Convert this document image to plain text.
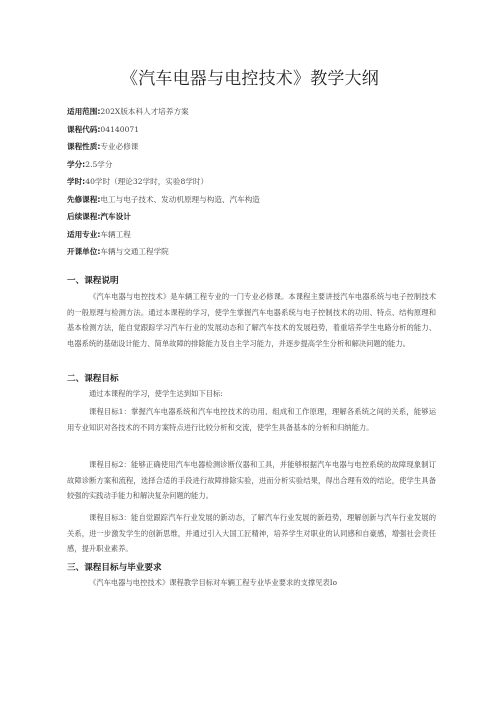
《汽车电器与电控技术》教学大纲
适用范围:202X版本科人才培养方案
课程代码:04140071
课程性质:专业必修课
学分:2.5学分
学时:40学时（理论32学时，实验8学时）
先修课程:电工与电子技术、发动机原理与构造、汽车构造
后续课程:汽车设计
适用专业:车辆工程
开课单位:车辆与交通工程学院
一、课程说明

《汽车电器与电控技术》是车辆工程专业的一门专业必修课。本课程主要讲授汽车电器系统与电子控制技术的一般原理与检测方法。通过本课程的学习，使学生掌握汽车电器系统与电子控制技术的功用、特点、结构原理和基本检测方法，能自觉跟踪学习汽车行业的发展动态和了解汽车技术的发展趋势，着重培养学生电路分析的能力、电器系统的基础设计能力、简单故障的排除能力及自主学习能力，并逐步提高学生分析和解决问题的能力。

二、课程目标

通过本课程的学习，使学生达到如下目标:

课程目标1：掌握汽车电器系统和汽车电控技术的功用、组成和工作原理，理解各系统之间的关系，能够运用专业知识对各技术的不同方案特点进行比较分析和交流，使学生具备基本的分析和归纳能力。

课程目标2：能够正确使用汽车电器检测诊断仪器和工具，并能够根据汽车电器与电控系统的故障现象制订故障诊断方案和流程，选择合适的手段进行故障排除实验，进而分析实验结果，得出合理有效的结论，使学生具备较强的实践动手能力和解决复杂问题的能力。

课程目标3：能自觉跟踪汽车行业发展的新动态，了解汽车行业发展的新趋势，理解创新与汽车行业发展的关系，进一步激发学生的创新思维，并通过引入大国工匠精神，培养学生对职业的认同感和自豪感，增强社会责任感，提升职业素养。

三、课程目标与毕业要求

《汽车电器与电控技术》课程教学目标对车辆工程专业毕业要求的支撑见表Io
